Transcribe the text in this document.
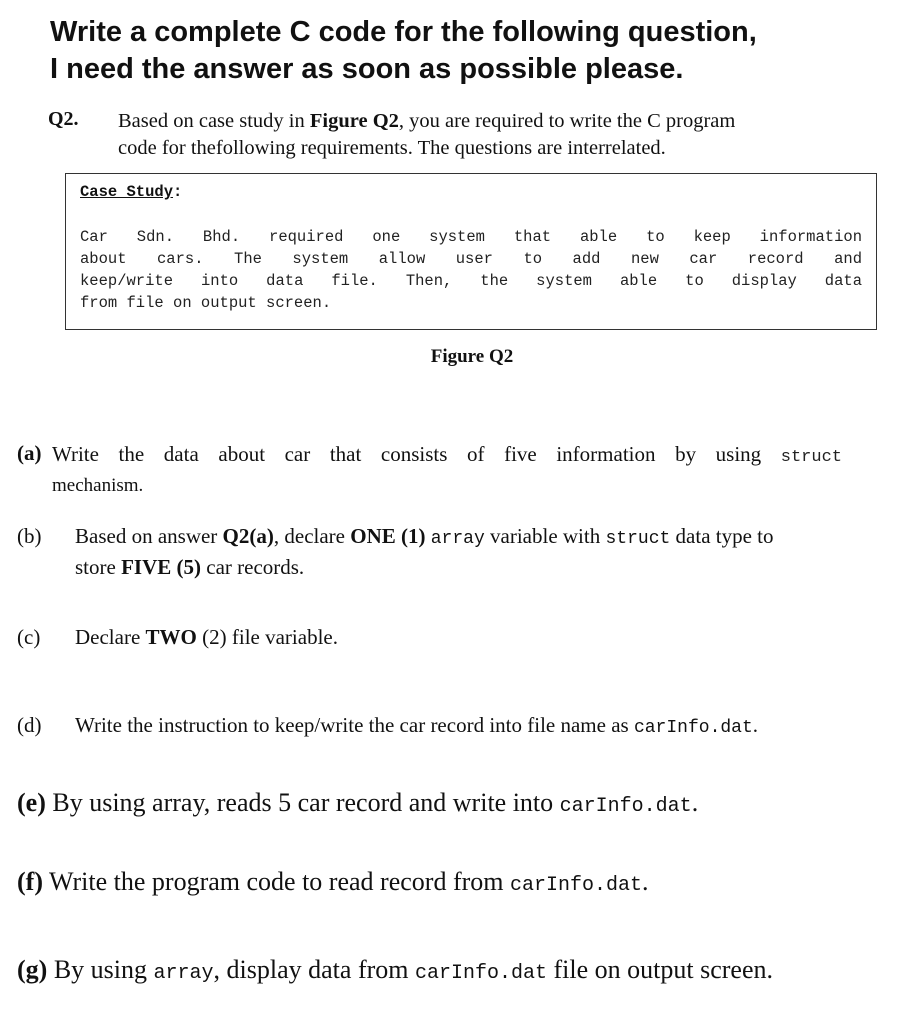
Write a complete C code for the following question,
I need the answer as soon as possible please.
Q2. Based on case study in Figure Q2, you are required to write the C program
code for thefollowing requirements. The questions are interrelated.
Case Study:
Car Sdn. Bhd. required one system that able to keep information
about cars. The system allow user to add new car record and
keep/write into data file. Then, the system able to display data
from file on output screen.
Figure Q2
(a) Write the data about car that consists of five information by using struct
mechanism.
(b) Based on answer Q2(a), declare ONE (1) array variable with struct data type to
store FIVE (5) car records.
(c) Declare TWO (2) file variable.
(d) Write the instruction to keep/write the car record into file name as carInfo.dat.
(e) By using array, reads 5 car record and write into carInfo.dat.
(f) Write the program code to read record from carInfo.dat.
(g) By using array, display data from carInfo.dat file on output screen.
